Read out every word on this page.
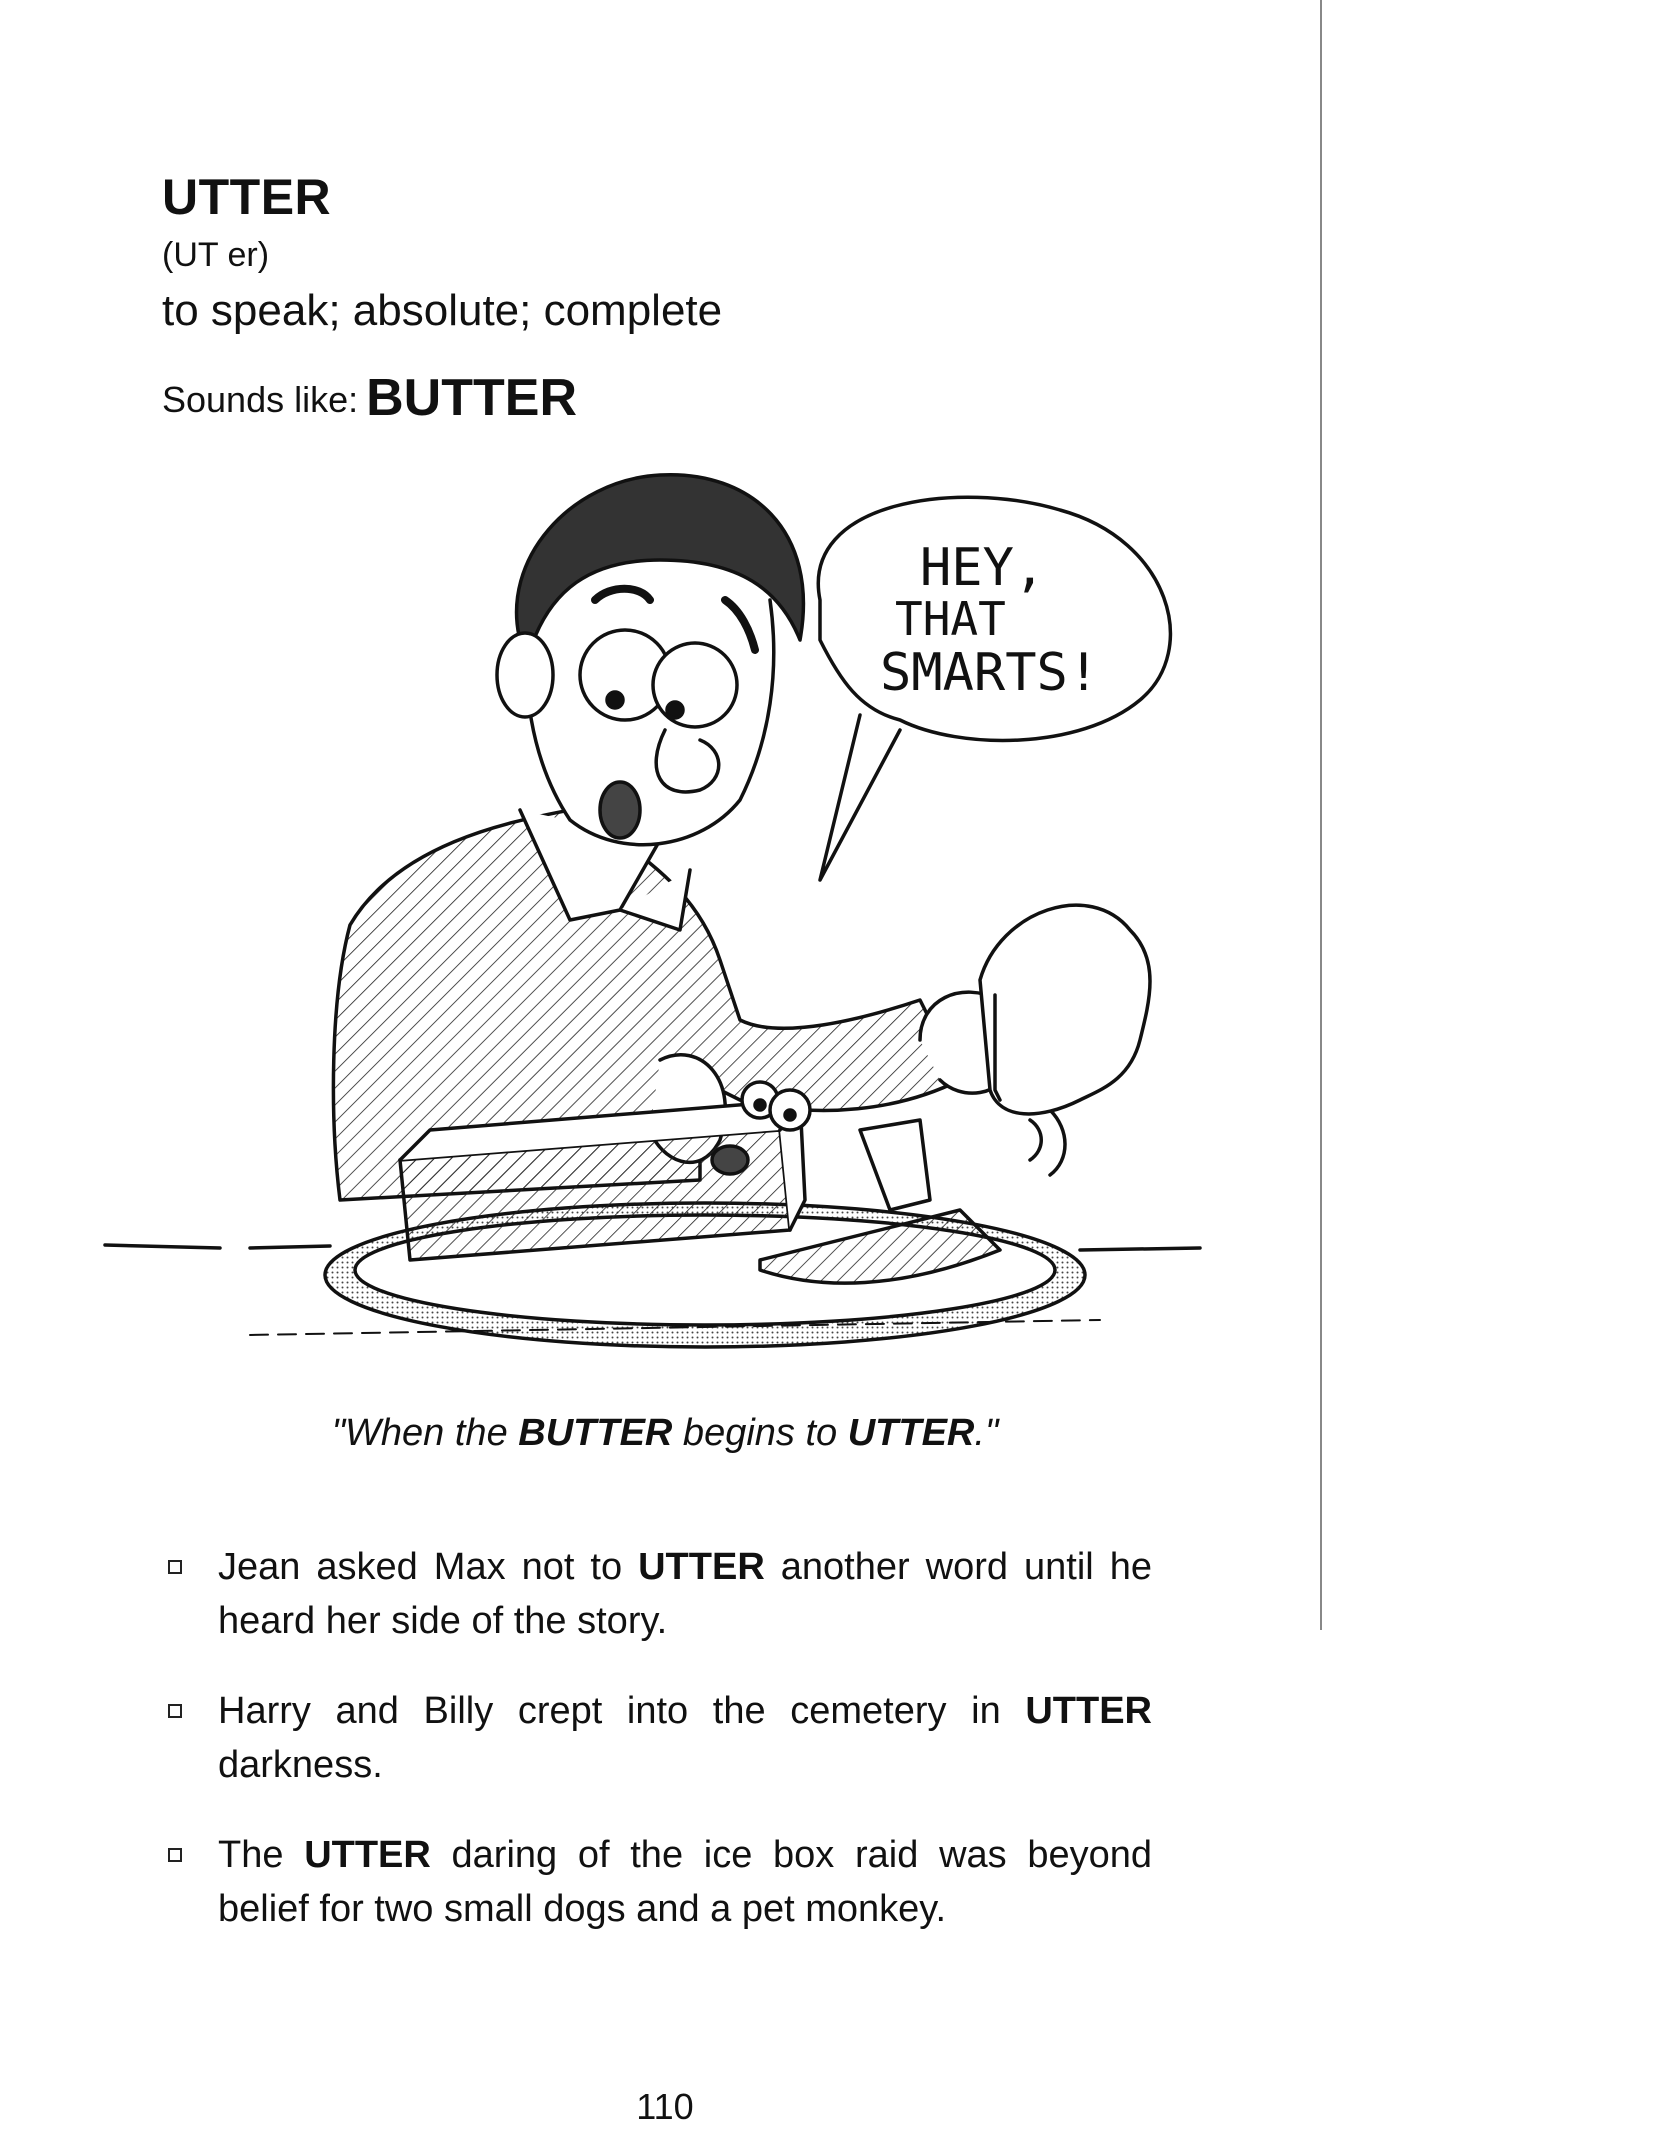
UTTER
(UT er)
to speak; absolute; complete
Sounds like: BUTTER
HEY,
THAT
SMARTS!
"When the BUTTER begins to UTTER."
Jean asked Max not to UTTER another word until he heard her side of the story.
Harry and Billy crept into the cemetery in UTTER darkness.
The UTTER daring of the ice box raid was beyond belief for two small dogs and a pet monkey.
110
